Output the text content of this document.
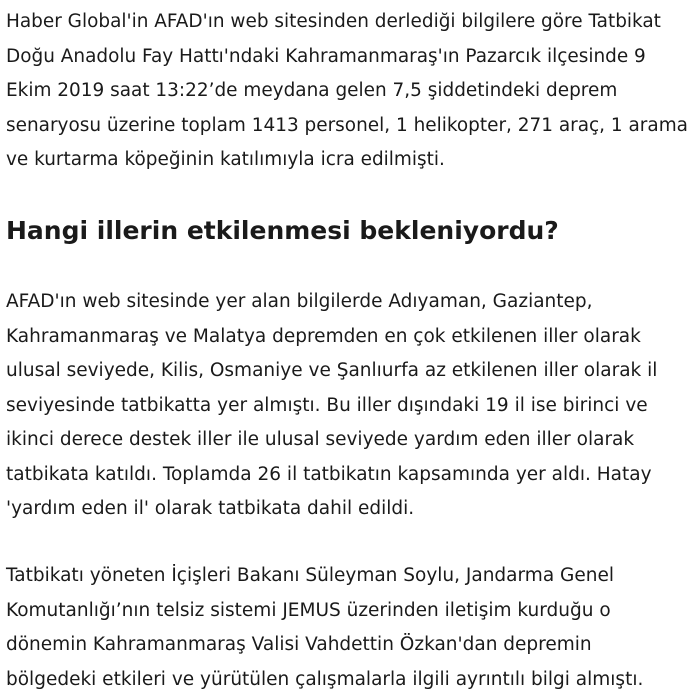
Haber Global'in AFAD'ın web sitesinden derlediği bilgilere göre Tatbikat
Doğu Anadolu Fay Hattı'ndaki Kahramanmaraş'ın Pazarcık ilçesinde 9
Ekim 2019 saat 13:22’de meydana gelen 7,5 şiddetindeki deprem
senaryosu üzerine toplam 1413 personel, 1 helikopter, 271 araç, 1 arama
ve kurtarma köpeğinin katılımıyla icra edilmişti.

Hangi illerin etkilenmesi bekleniyordu?

AFAD'ın web sitesinde yer alan bilgilerde Adıyaman, Gaziantep,
Kahramanmaraş ve Malatya depremden en çok etkilenen iller olarak
ulusal seviyede, Kilis, Osmaniye ve Şanlıurfa az etkilenen iller olarak il
seviyesinde tatbikatta yer almıştı. Bu iller dışındaki 19 il ise birinci ve
ikinci derece destek iller ile ulusal seviyede yardım eden iller olarak
tatbikata katıldı. Toplamda 26 il tatbikatın kapsamında yer aldı. Hatay
'yardım eden il' olarak tatbikata dahil edildi.

Tatbikatı yöneten İçişleri Bakanı Süleyman Soylu, Jandarma Genel
Komutanlığı’nın telsiz sistemi JEMUS üzerinden iletişim kurduğu o
dönemin Kahramanmaraş Valisi Vahdettin Özkan'dan depremin
bölgedeki etkileri ve yürütülen çalışmalarla ilgili ayrıntılı bilgi almıştı.
